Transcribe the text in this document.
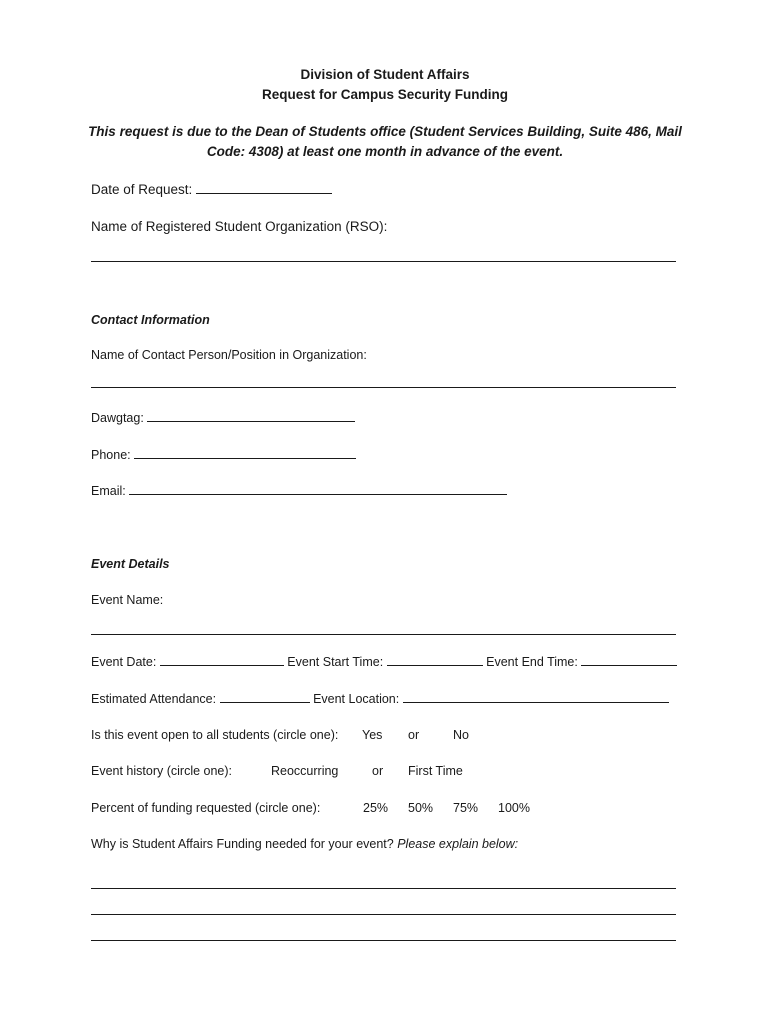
Division of Student Affairs
Request for Campus Security Funding
This request is due to the Dean of Students office (Student Services Building, Suite 486, Mail
Code: 4308) at least one month in advance of the event.
Date of Request:
Name of Registered Student Organization (RSO):
Contact Information
Name of Contact Person/Position in Organization:
Dawgtag:
Phone:
Email:
Event Details
Event Name:
Event Date:	Event Start Time:	Event End Time:
Estimated Attendance:	Event Location:
Is this event open to all students (circle one): Yes or	No
Event history (circle one):	Reoccurring	or First Time
Percent of funding requested (circle one):	25% 50% 75% 100%
Why is Student Affairs Funding needed for your event? Please explain below:
